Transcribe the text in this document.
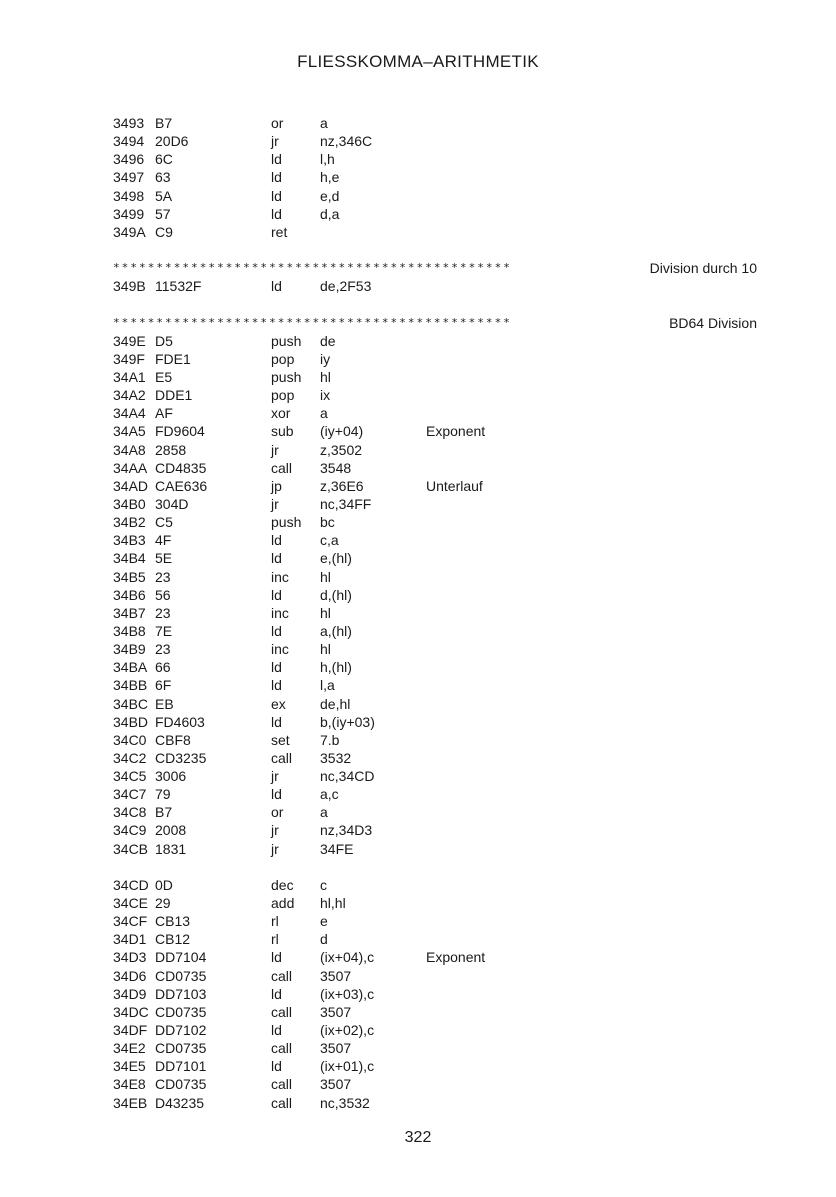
FLIESSKOMMA–ARITHMETIK
3493 B7	or	a
3494 20D6	jr	nz,346C
3496 6C	ld	l,h
3497 63	ld	h,e
3498 5A	ld	e,d
3499 57	ld	d,a
349A C9	ret
**********************************************	Division durch 10
349B 11532F	ld	de,2F53
**********************************************	BD64 Division
349E D5	push de
349F FDE1	pop iy
34A1 E5	push hl
34A2 DDE1	pop ix
34A4 AF	xor a
34A5 FD9604	sub (iy+04)	Exponent
34A8 2858	jr	z,3502
34AA CD4835	call 3548
34AD CAE636	jp	z,36E6	Unterlauf
34B0 304D	jr	nc,34FF
34B2 C5	push bc
34B3 4F	ld	c,a
34B4 5E	ld	e,(hl)
34B5 23	inc hl
34B6 56	ld	d,(hl)
34B7 23	inc hl
34B8 7E	ld	a,(hl)
34B9 23	inc hl
34BA 66	ld	h,(hl)
34BB 6F	ld	l,a
34BC EB	ex de,hl
34BD FD4603	ld	b,(iy+03)
34C0 CBF8	set 7.b
34C2 CD3235	call 3532
34C5 3006	jr	nc,34CD
34C7 79	ld	a,c
34C8 B7	or	a
34C9 2008	jr	nz,34D3
34CB 1831	jr	34FE
34CD 0D	dec c
34CE 29	add hl,hl
34CF CB13	rl	e
34D1 CB12	rl	d
34D3 DD7104	ld	(ix+04),c	Exponent
34D6 CD0735	call 3507
34D9 DD7103	ld	(ix+03),c
34DC CD0735	call 3507
34DF DD7102	ld	(ix+02),c
34E2 CD0735	call 3507
34E5 DD7101	ld	(ix+01),c
34E8 CD0735	call 3507
34EB D43235	call nc,3532
322
